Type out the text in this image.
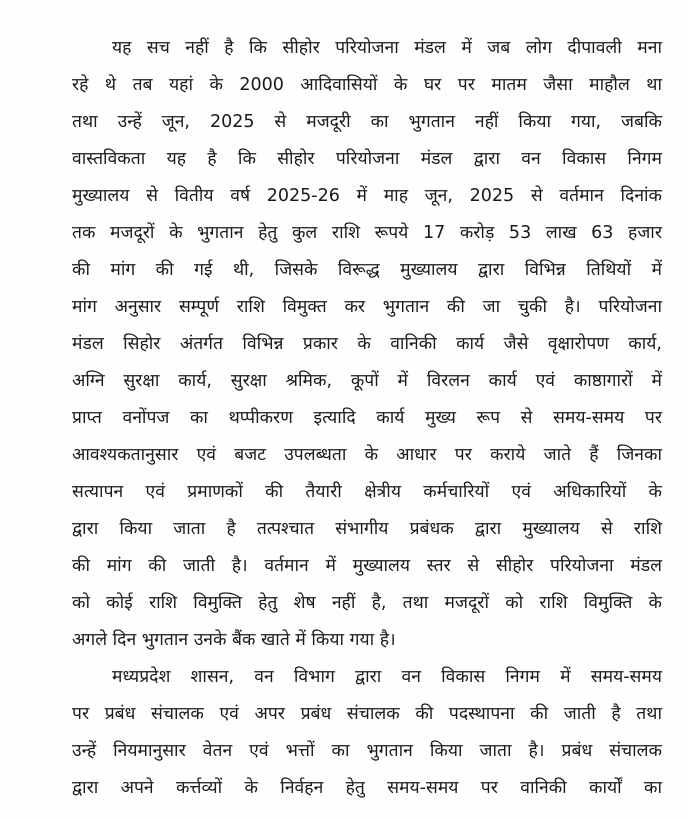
यह सच नहीं है कि सीहोर परियोजना मंडल में जब लोग दीपावली मना
रहे थे तब यहां के 2000 आदिवासियों के घर पर मातम जैसा माहौल था
तथा उन्हें जून, 2025 से मजदूरी का भुगतान नहीं किया गया, जबकि
वास्तविकता यह है कि सीहोर परियोजना मंडल द्वारा वन विकास निगम
मुख्यालय से वितीय वर्ष 2025-26 में माह जून, 2025 से वर्तमान दिनांक
तक मजदूरों के भुगतान हेतु कुल राशि रूपये 17 करोड़ 53 लाख 63 हजार
की मांग की गई थी, जिसके विरूद्ध मुख्यालय द्वारा विभिन्न तिथियों में
मांग अनुसार सम्पूर्ण राशि विमुक्त कर भुगतान की जा चुकी है। परियोजना
मंडल सिहोर अंतर्गत विभिन्न प्रकार के वानिकी कार्य जैसे वृक्षारोपण कार्य,
अग्नि सुरक्षा कार्य, सुरक्षा श्रमिक, कूपों में विरलन कार्य एवं काष्ठागारों में
प्राप्त वनोंपज का थप्पीकरण इत्यादि कार्य मुख्य रूप से समय-समय पर
आवश्यकतानुसार एवं बजट उपलब्धता के आधार पर कराये जाते हैं जिनका
सत्यापन एवं प्रमाणकों की तैयारी क्षेत्रीय कर्मचारियों एवं अधिकारियों के
द्वारा किया जाता है तत्पश्चात संभागीय प्रबंधक द्वारा मुख्यालय से राशि
की मांग की जाती है। वर्तमान में मुख्यालय स्तर से सीहोर परियोजना मंडल
को कोई राशि विमुक्ति हेतु शेष नहीं है, तथा मजदूरों को राशि विमुक्ति के
अगले दिन भुगतान उनके बैंक खाते में किया गया है।
मध्यप्रदेश शासन, वन विभाग द्वारा वन विकास निगम में समय-समय
पर प्रबंध संचालक एवं अपर प्रबंध संचालक की पदस्थापना की जाती है तथा
उन्हें नियमानुसार वेतन एवं भत्तों का भुगतान किया जाता है। प्रबंध संचालक
द्वारा अपने कर्त्तव्यों के निर्वहन हेतु समय-समय पर वानिकी कार्यों का
